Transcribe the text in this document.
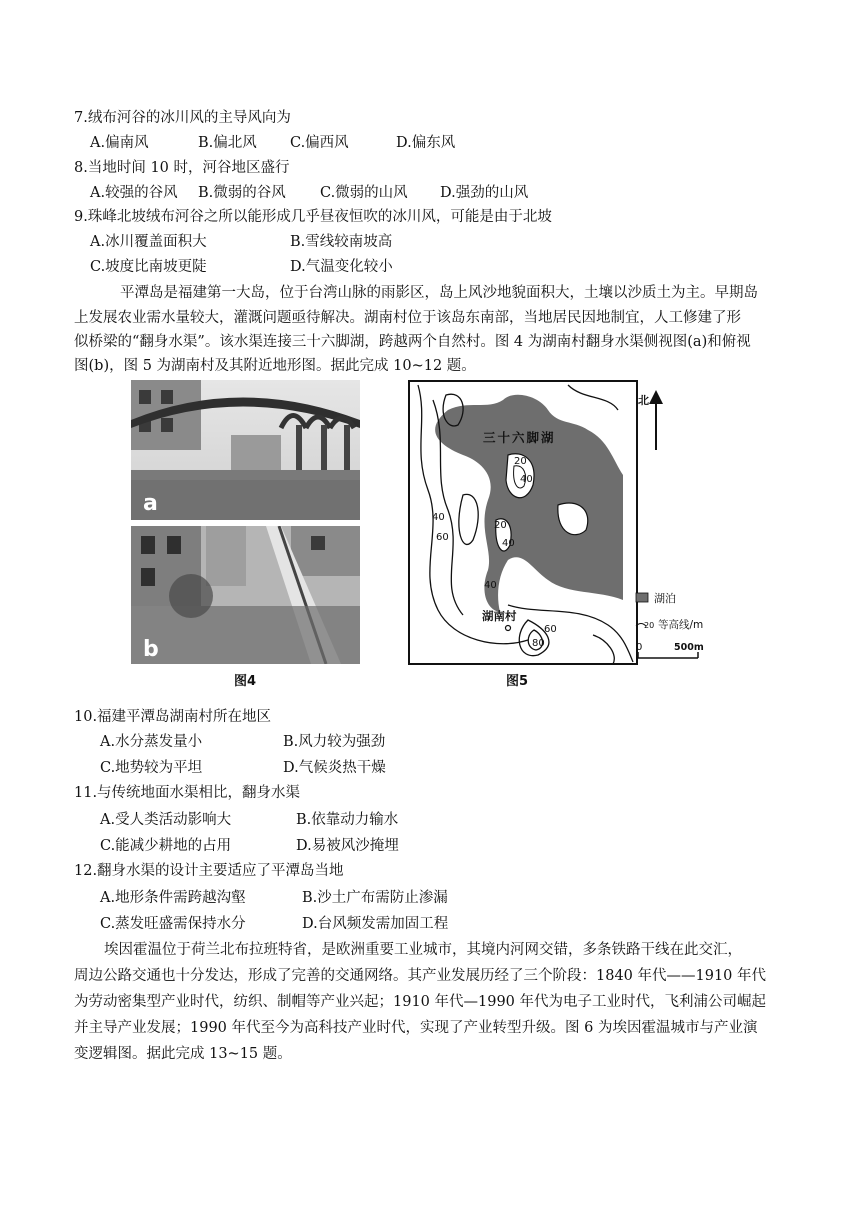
7.绒布河谷的冰川风的主导风向为
A.偏南风	B.偏北风 C.偏西风	D.偏东风
8.当地时间 10 时，河谷地区盛行
A.较强的谷风 B.微弱的谷风 C.微弱的山风 D.强劲的山风
9.珠峰北坡绒布河谷之所以能形成几乎昼夜恒吹的冰川风，可能是由于北坡
A.冰川覆盖面积大	B.雪线较南坡高
C.坡度比南坡更陡	D.气温变化较小
平潭岛是福建第一大岛，位于台湾山脉的雨影区，岛上风沙地貌面积大，土壤以沙质土为主。早期岛
上发展农业需水量较大，灌溉问题亟待解决。湖南村位于该岛东南部，当地居民因地制宜，人工修建了形
似桥梁的“翻身水渠”。该水渠连接三十六脚湖，跨越两个自然村。图 4 为湖南村翻身水渠侧视图(a)和俯视
图(b)，图 5 为湖南村及其附近地形图。据此完成 10~12 题。
a
b
图4
三十六脚湖
20
40
20
40
40
60
40
60
80
湖南村
北
湖泊
20 等高线/m
0	500m
图5
10.福建平潭岛湖南村所在地区
A.水分蒸发量小	B.风力较为强劲
C.地势较为平坦	D.气候炎热干燥
11.与传统地面水渠相比，翻身水渠
A.受人类活动影响大	B.依靠动力输水
C.能减少耕地的占用	D.易被风沙掩埋
12.翻身水渠的设计主要适应了平潭岛当地
A.地形条件需跨越沟壑	B.沙土广布需防止渗漏
C.蒸发旺盛需保持水分	D.台风频发需加固工程
埃因霍温位于荷兰北布拉班特省，是欧洲重要工业城市，其境内河网交错，多条铁路干线在此交汇，
周边公路交通也十分发达，形成了完善的交通网络。其产业发展历经了三个阶段：1840 年代——1910 年代
为劳动密集型产业时代，纺织、制帽等产业兴起；1910 年代—1990 年代为电子工业时代，飞利浦公司崛起
并主导产业发展；1990 年代至今为高科技产业时代，实现了产业转型升级。图 6 为埃因霍温城市与产业演
变逻辑图。据此完成 13~15 题。
